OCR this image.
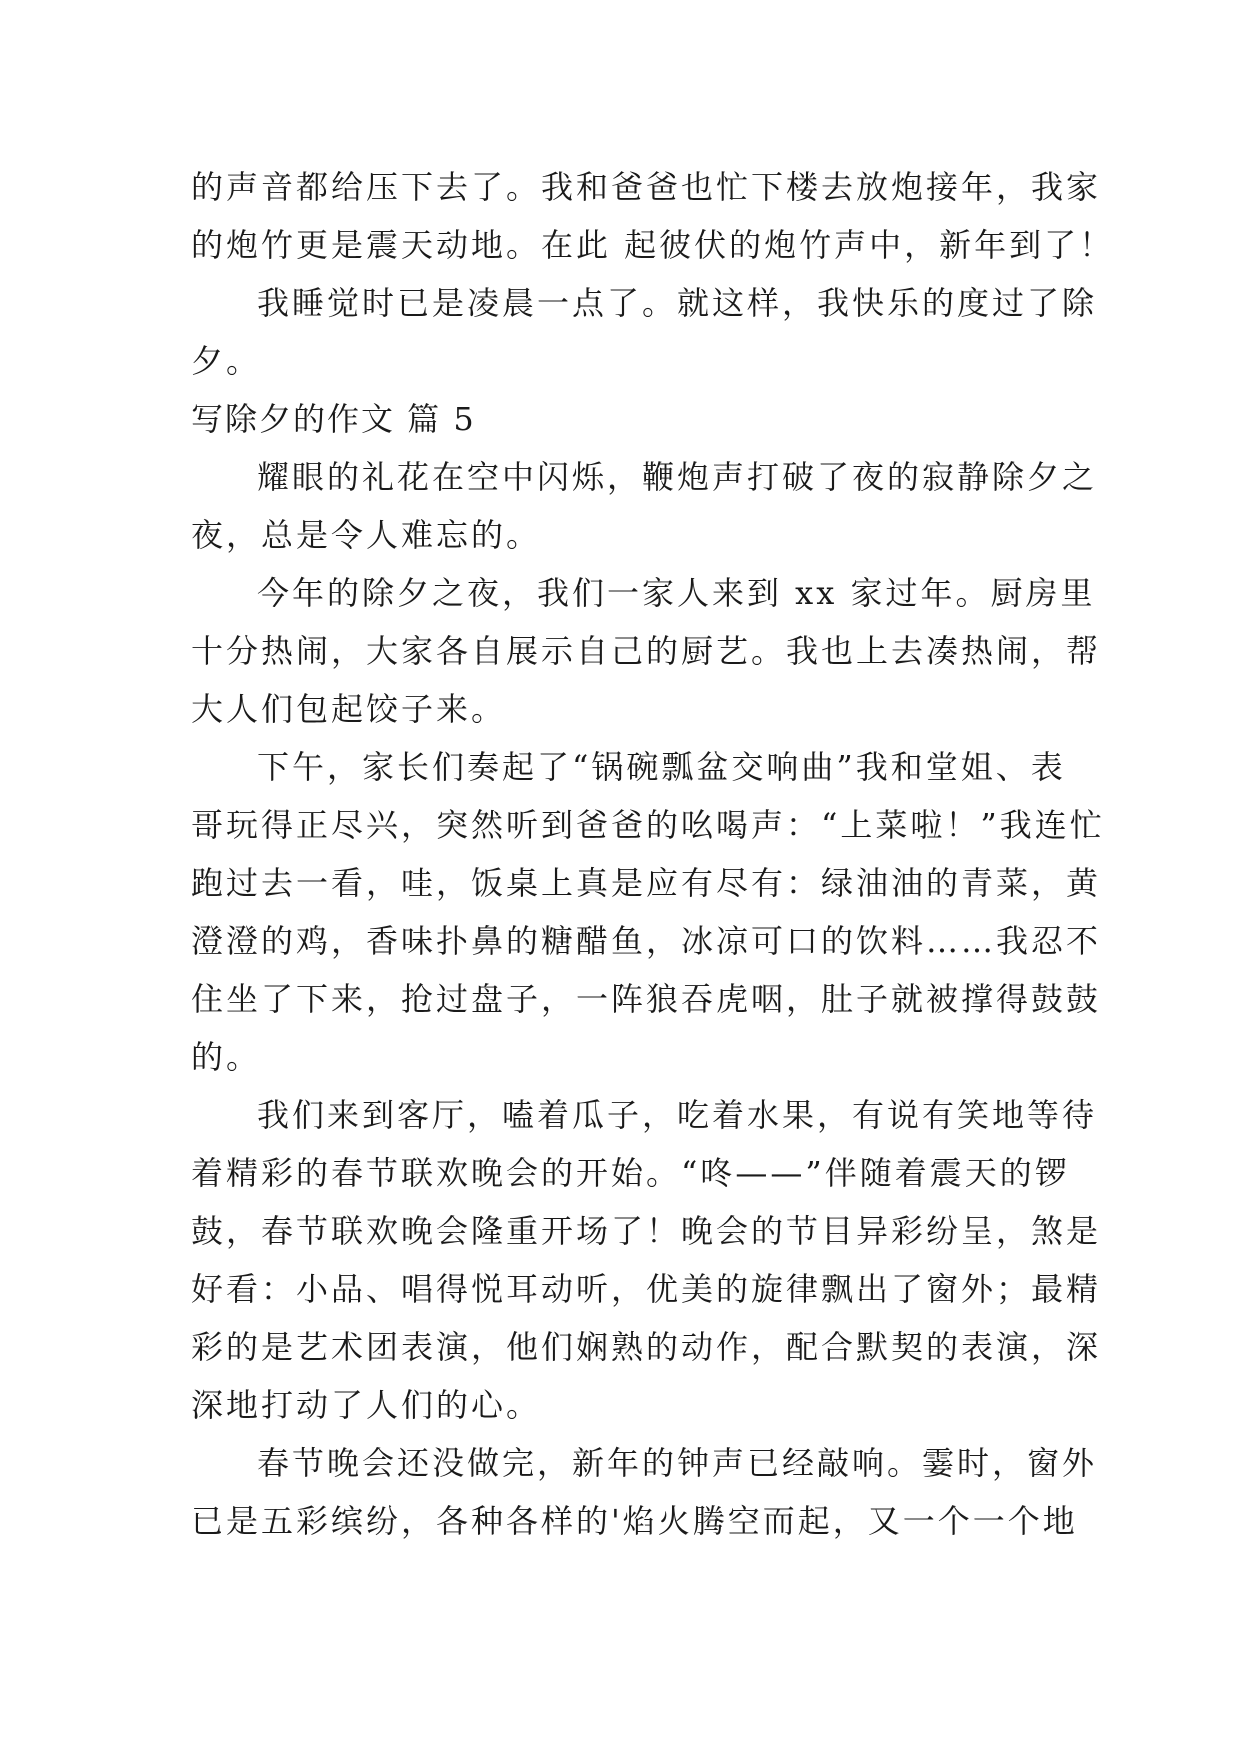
的声音都给压下去了。我和爸爸也忙下楼去放炮接年，我家
的炮竹更是震天动地。在此 起彼伏的炮竹声中，新年到了！
我睡觉时已是凌晨一点了。就这样，我快乐的度过了除
夕。
写除夕的作文 篇 5
耀眼的礼花在空中闪烁，鞭炮声打破了夜的寂静除夕之
夜，总是令人难忘的。
今年的除夕之夜，我们一家人来到 xx 家过年。厨房里
十分热闹，大家各自展示自己的厨艺。我也上去凑热闹，帮
大人们包起饺子来。
下午，家长们奏起了“锅碗瓢盆交响曲”我和堂姐、表
哥玩得正尽兴，突然听到爸爸的吆喝声：“上菜啦！”我连忙
跑过去一看，哇，饭桌上真是应有尽有：绿油油的青菜，黄
澄澄的鸡，香味扑鼻的糖醋鱼，冰凉可口的饮料……我忍不
住坐了下来，抢过盘子，一阵狼吞虎咽，肚子就被撑得鼓鼓
的。
我们来到客厅，嗑着瓜子，吃着水果，有说有笑地等待
着精彩的春节联欢晚会的开始。“咚——”伴随着震天的锣
鼓，春节联欢晚会隆重开场了！晚会的节目异彩纷呈，煞是
好看：小品、唱得悦耳动听，优美的旋律飘出了窗外；最精
彩的是艺术团表演，他们娴熟的动作，配合默契的表演，深
深地打动了人们的心。
春节晚会还没做完，新年的钟声已经敲响。霎时，窗外
已是五彩缤纷，各种各样的'焰火腾空而起，又一个一个地
